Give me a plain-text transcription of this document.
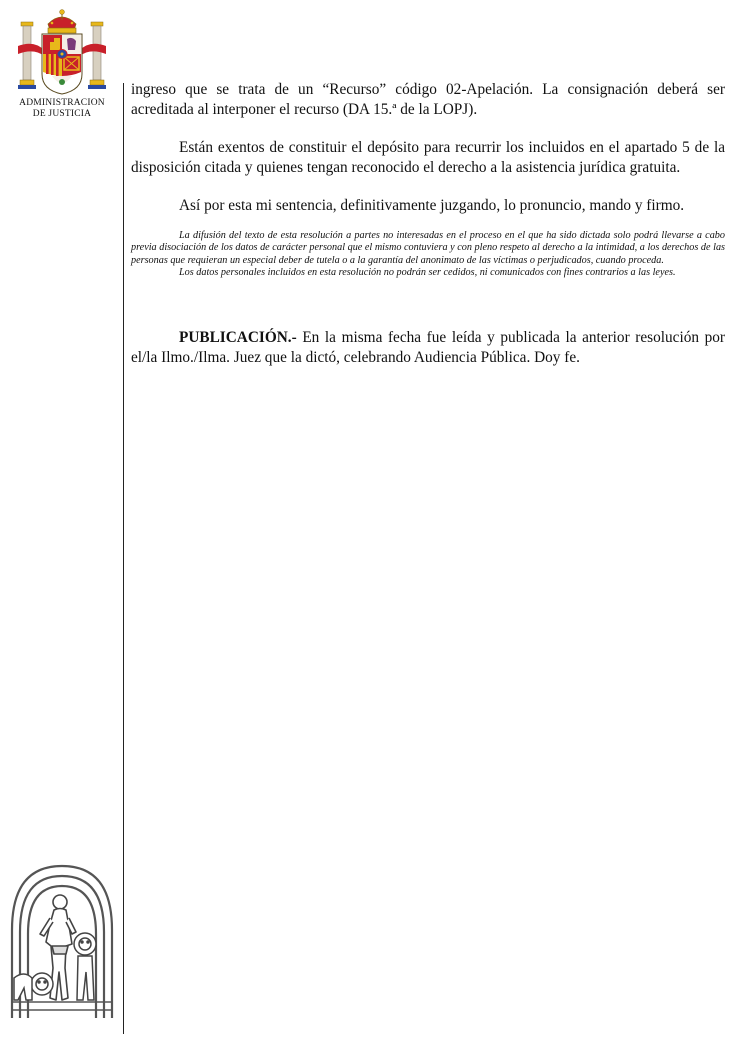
ADMINISTRACION
DE JUSTICIA

ingreso que se trata de un “Recurso” código 02-Apelación. La consignación deberá ser acreditada al interponer el recurso (DA 15.ª de la LOPJ).

Están exentos de constituir el depósito para recurrir los incluidos en el apartado 5 de la disposición citada y quienes tengan reconocido el derecho a la asistencia jurídica gratuita.

Así por esta mi sentencia, definitivamente juzgando, lo pronuncio, mando y firmo.

La difusión del texto de esta resolución a partes no interesadas en el proceso en el que ha sido dictada solo podrá llevarse a cabo previa disociación de los datos de carácter personal que el mismo contuviera y con pleno respeto al derecho a la intimidad, a los derechos de las personas que requieran un especial deber de tutela o a la garantía del anonimato de las víctimas o perjudicados, cuando proceda.

Los datos personales incluidos en esta resolución no podrán ser cedidos, ni comunicados con fines contrarios a las leyes.

PUBLICACIÓN.- En la misma fecha fue leída y publicada la anterior resolución por el/la Ilmo./Ilma. Juez que la dictó, celebrando Audiencia Pública. Doy fe.
